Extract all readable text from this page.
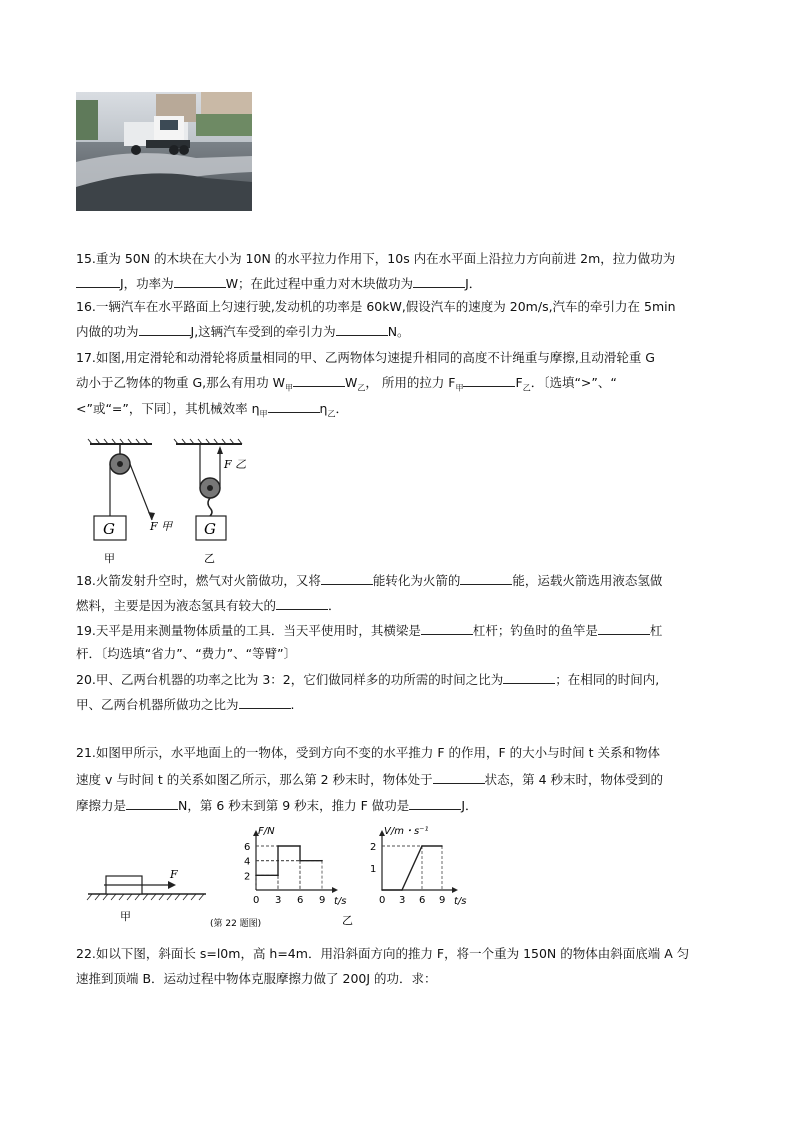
15.重为 50N 的木块在大小为 10N 的水平拉力作用下，10s 内在水平面上沿拉力方向前进 2m，拉力做功为
J，功率为	W；在此过程中重力对木块做功为	J．
16.一辆汽车在水平路面上匀速行驶,发动机的功率是 60kW,假设汽车的速度为 20m/s,汽车的牵引力在 5min
内做的功为	J,这辆汽车受到的牵引力为	N。
17.如图,用定滑轮和动滑轮将质量相同的甲、乙两物体匀速提升相同的高度不计绳重与摩擦,且动滑轮重 G
动小于乙物体的物重 G,那么有用功 $W_甲$	$W_乙$， 所用的拉力 $F_甲$	$F_乙$．〔选填“>”、“
<”或“=”，下同〕，其机械效率 $\eta_甲$	$\eta_乙$．
G	F 甲
甲
G
F 乙
乙
18.火箭发射升空时，燃气对火箭做功，又将	能转化为火箭的	能，运载火箭选用液态氢做
燃料，主要是因为液态氢具有较大的	．
19.天平是用来测量物体质量的工具．当天平使用时，其横梁是	杠杆；钓鱼时的鱼竿是	杠
杆．〔均选填“省力”、“费力”、“等臂”〕
20.甲、乙两台机器的功率之比为 3：2，它们做同样多的功所需的时间之比为	；在相同的时间内,
甲、乙两台机器所做功之比为	.
21.如图甲所示，水平地面上的一物体，受到方向不变的水平推力 F 的作用，F 的大小与时间 t 关系和物体
速度 v 与时间 t 的关系如图乙所示，那么第 2 秒末时，物体处于	状态，第 4 秒末时，物体受到的
摩擦力是	N，第 6 秒末到第 9 秒末，推力 F 做功是	J．
F
甲
0 3 6 9
6
4
2
t/s
F/N
0 3 6 9
2
1
t/s
V/m・s⁻¹
(第 22 题图)	乙
22.如以下图，斜面长 s=l0m，高 h=4m．用沿斜面方向的推力 F，将一个重为 150N 的物体由斜面底端 A 匀
速推到顶端 B．运动过程中物体克服摩擦力做了 200J 的功．求：
